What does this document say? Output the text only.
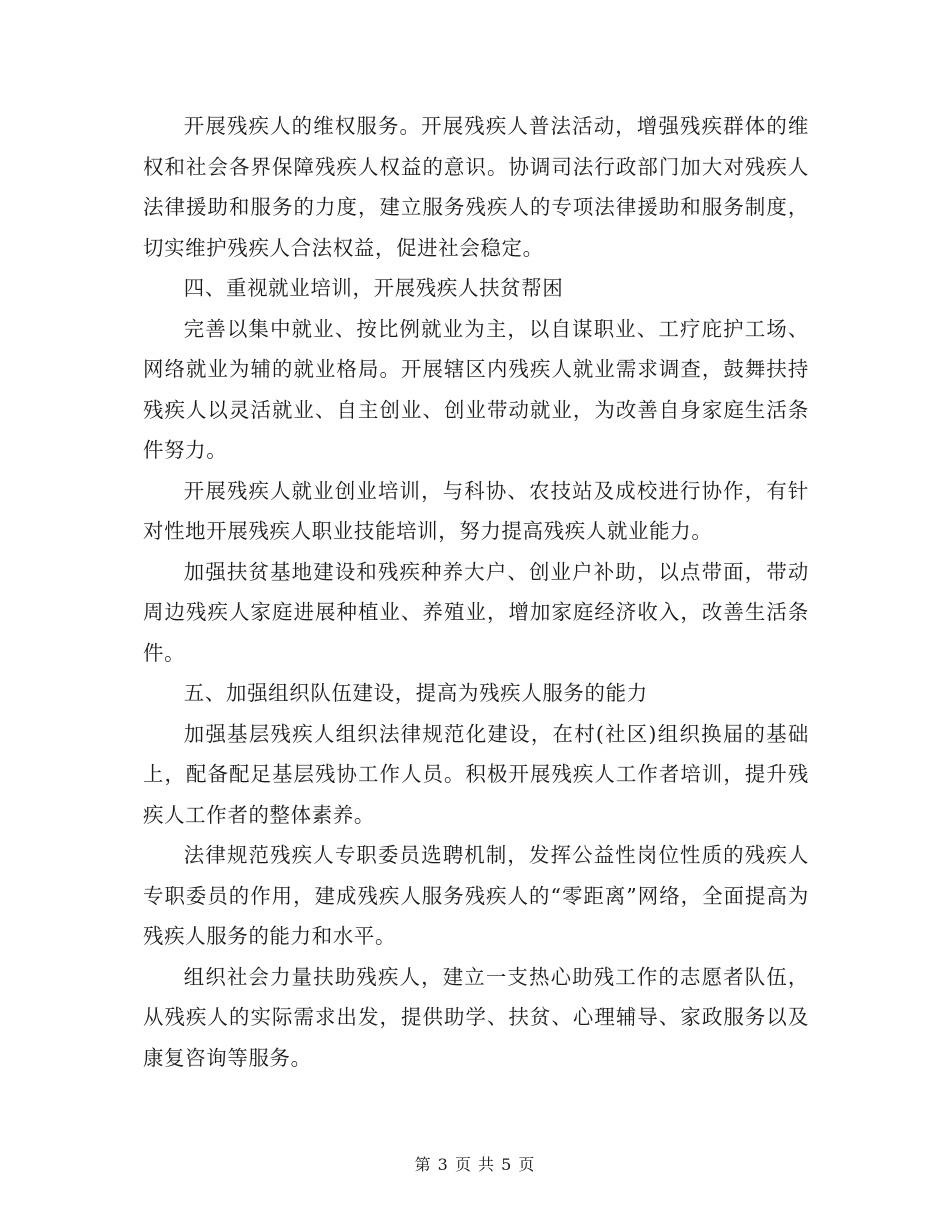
开展残疾人的维权服务。开展残疾人普法活动，增强残疾群体的维权和社会各界保障残疾人权益的意识。协调司法行政部门加大对残疾人法律援助和服务的力度，建立服务残疾人的专项法律援助和服务制度，切实维护残疾人合法权益，促进社会稳定。

四、重视就业培训，开展残疾人扶贫帮困

完善以集中就业、按比例就业为主，以自谋职业、工疗庇护工场、网络就业为辅的就业格局。开展辖区内残疾人就业需求调查，鼓舞扶持残疾人以灵活就业、自主创业、创业带动就业，为改善自身家庭生活条件努力。

开展残疾人就业创业培训，与科协、农技站及成校进行协作，有针对性地开展残疾人职业技能培训，努力提高残疾人就业能力。

加强扶贫基地建设和残疾种养大户、创业户补助，以点带面，带动周边残疾人家庭进展种植业、养殖业，增加家庭经济收入，改善生活条件。

五、加强组织队伍建设，提高为残疾人服务的能力

加强基层残疾人组织法律规范化建设，在村(社区)组织换届的基础上，配备配足基层残协工作人员。积极开展残疾人工作者培训，提升残疾人工作者的整体素养。

法律规范残疾人专职委员选聘机制，发挥公益性岗位性质的残疾人专职委员的作用，建成残疾人服务残疾人的“零距离”网络，全面提高为残疾人服务的能力和水平。

组织社会力量扶助残疾人，建立一支热心助残工作的志愿者队伍，从残疾人的实际需求出发，提供助学、扶贫、心理辅导、家政服务以及康复咨询等服务。

第 3 页 共 5 页
